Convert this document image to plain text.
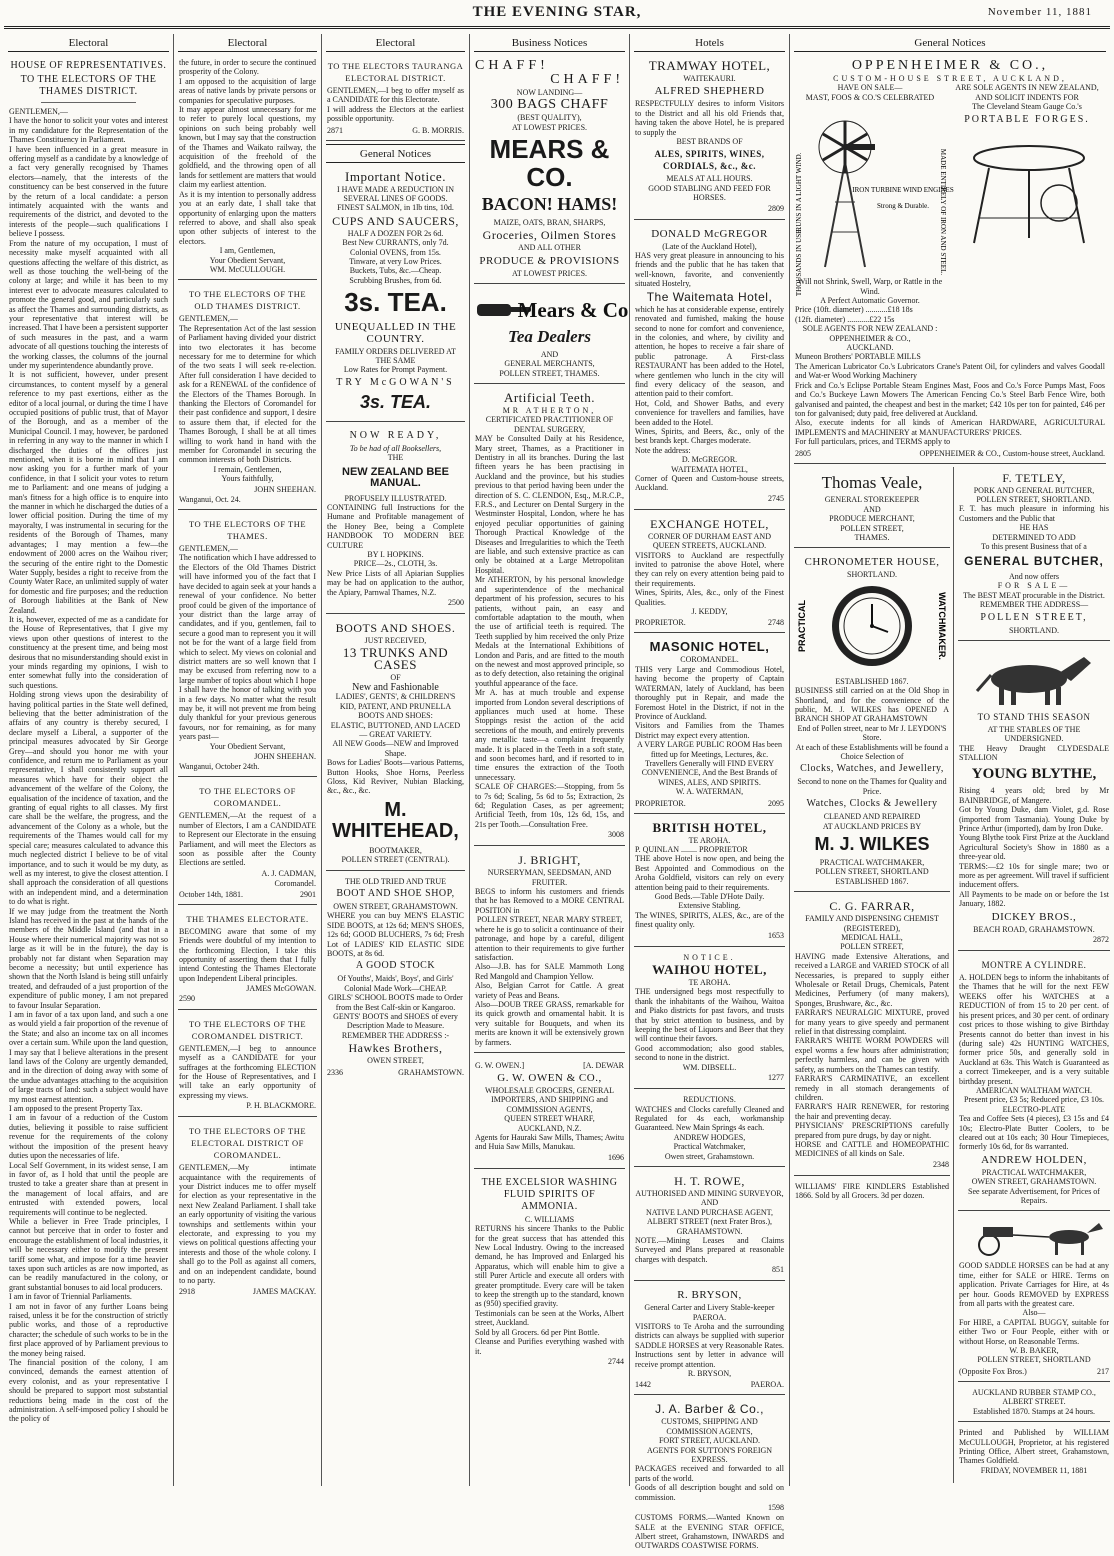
THE EVENING STAR,	November 11, 1881
Electoral
HOUSE OF REPRESENTATIVES.
TO THE ELECTORS OF THE THAMES DISTRICT.

GENTLEMEN,—

I have the honor to solicit your votes and interest in my candidature for the Representation of the Thames Constituency in Parliament.

I have been influenced in a great measure in offering myself as a candidate by a knowledge of a fact very generally recognised by Thames electors—namely, that the interests of the constituency can be best conserved in the future by the return of a local candidate: a person intimately acquainted with the wants and requirements of the district, and devoted to the interests of the people—such qualifications I believe I possess.

From the nature of my occupation, I must of necessity make myself acquainted with all questions affecting the welfare of this district, as well as those touching the well-being of the colony at large; and while it has been to my interest ever to advocate measures calculated to promote the general good, and particularly such as affect the Thames and surrounding districts, as your representative that interest will be increased. That I have been a persistent supporter of such measures in the past, and a warm advocate of all questions touching the interests of the working classes, the columns of the journal under my superintendence abundantly prove.

It is not sufficient, however, under present circumstances, to content myself by a general reference to my past exertions, either as the editor of a local journal, or during the time I have occupied positions of public trust, that of Mayor of the Borough, and as a member of the Municipal Council. I may, however, be pardoned in referring in any way to the manner in which I discharged the duties of the offices just mentioned, when it is borne in mind that I am now asking you for a further mark of your confidence, in that I solicit your votes to return me to Parliament: and one means of judging a man's fitness for a high office is to enquire into the manner in which he discharged the duties of a lower official position. During the time of my mayoralty, I was instrumental in securing for the residents of the Borough of Thames, many advantages; I may mention a few—the endowment of 2000 acres on the Waihou river; the securing of the entire right to the Domestic Water Supply, besides a right to receive from the County Water Race, an unlimited supply of water for domestic and fire purposes; and the reduction of Borough liabilities at the Bank of New Zealand.

It is, however, expected of me as a candidate for the House of Representatives, that I give my views upon other questions of interest to the constituency at the present time, and being most desirous that no misunderstanding should exist in your minds regarding my opinions, I wish to enter somewhat fully into the consideration of such questions.

Holding strong views upon the desirability of having political parties in the State well defined, believing that the better administration of the affairs of any country is thereby secured, I declare myself a Liberal, a supporter of the principal measures advocated by Sir George Grey—and should you honor me with your confidence, and return me to Parliament as your representative, I shall consistently support all measures which have for their object the advancement of the welfare of the Colony, the equalisation of the incidence of taxation, and the granting of equal rights to all classes. My first care shall be the welfare, the progress, and the advancement of the Colony as a whole, but the requirements of the Thames would call for my special care; measures calculated to advance this much neglected district I believe to be of vital importance, and to such it would be my duty, as well as my interest, to give the closest attention. I shall approach the consideration of all questions with an independent mind, and a determination to do what is right.

If we may judge from the treatment the North Island has received in the past at the hands of the members of the Middle Island (and that in a House where their numerical majority was not so large as it will be in the future), the day is probably not far distant when Separation may become a necessity; but until experience has shown that the North Island is being still unfairly treated, and defrauded of a just proportion of the expenditure of public money, I am not prepared to favour Insular Separation.

I am in favor of a tax upon land, and such a one as would yield a fair proportion of the revenue of the State; and also an income tax on all incomes over a certain sum. While upon the land question, I may say that I believe alterations in the present land laws of the Colony are urgently demanded, and in the direction of doing away with some of the undue advantages attaching to the acquisition of large tracts of land: such a subject would have my most earnest attention.

I am opposed to the present Property Tax.

I am in favour of a reduction of the Custom duties, believing it possible to raise sufficient revenue for the requirements of the colony without the imposition of the present heavy duties upon the necessaries of life.

Local Self Government, in its widest sense, I am in favor of, as I hold that until the people are trusted to take a greater share than at present in the management of local affairs, and are entrusted with extended powers, local requirements will continue to be neglected.

While a believer in Free Trade principles, I cannot but perceive that in order to foster and encourage the establishment of local industries, it will be necessary either to modify the present tariff some what, and impose for a time heavier taxes upon such articles as are now imported, as can be readily manufactured in the colony, or grant substantial bonuses to aid local producers.

I am in favor of Triennial Parliaments.

I am not in favor of any further Loans being raised, unless it be for the construction of strictly public works, and those of a reproductive character; the schedule of such works to be in the first place approved of by Parliament previous to the money being raised.

The financial position of the colony, I am convinced, demands the earnest attention of every colonist, and as your representative I should be prepared to support most substantial reductions being made in the cost of the administration. A self-imposed policy I should be the policy of

Electoral

the future, in order to secure the continued prosperity of the Colony.

I am opposed to the acquisition of large areas of native lands by private persons or companies for speculative purposes.

It may appear almost unnecessary for me to refer to purely local questions, my opinions on such being probably well known, but I may say that the construction of the Thames and Waikato railway, the acquisition of the freehold of the goldfield, and the throwing open of all lands for settlement are matters that would claim my earliest attention.

As it is my intention to personally address you at an early date, I shall take that opportunity of enlarging upon the matters referred to above, and shall also speak upon other subjects of interest to the electors.

I am, Gentlemen,

Your Obedient Servant,

WM. McCULLOUGH.

TO THE ELECTORS OF THE OLD THAMES DISTRICT.

GENTLEMEN,—

The Representation Act of the last session of Parliament having divided your district into two electorates it has become necessary for me to determine for which of the two seats I will seek re-election. After full consideration I have decided to ask for a RENEWAL of the confidence of the Electors of the Thames Borough. In thanking the Electors of Coromandel for their past confidence and support, I desire to assure them that, if elected for the Thames Borough, I shall be at all times willing to work hand in hand with the member for Coromandel in securing the common interests of both Districts.

I remain, Gentlemen,

Yours faithfully,

JOHN SHEEHAN.

Wanganui, Oct. 24.

TO THE ELECTORS OF THE THAMES.

GENTLEMEN,—

The notification which I have addressed to the Electors of the Old Thames District will have informed you of the fact that I have decided to again seek at your hands a renewal of your confidence. No better proof could be given of the importance of your district than the large array of candidates, and if you, gentlemen, fail to secure a good man to represent you it will not be for the want of a large field from which to select. My views on colonial and district matters are so well known that I may be excused from referring now to a large number of topics about which I hope I shall have the honor of talking with you in a few days. No matter what the result may be, it will not prevent me from being duly thankful for your previous generous favours, nor for remaining, as for many years past—

Your Obedient Servant,

JOHN SHEEHAN.

Wanganui, October 24th.

TO THE ELECTORS OF COROMANDEL.

GENTLEMEN,—At the request of a number of Electors, I am a CANDIDATE to Represent our Electorate in the ensuing Parliament, and will meet the Electors as soon as possible after the County Elections are settled.

A. J. CADMAN,

Coromandel.

October 14th, 1881.	2901
THE THAMES ELECTORATE.

BECOMING aware that some of my Friends were doubtful of my intention to the forthcoming Election, I take this opportunity of asserting them that I fully intend Contesting the Thames Electorate upon Independent Liberal principles.

JAMES McGOWAN.

2590

TO THE ELECTORS OF THE COROMANDEL DISTRICT.

GENTLEMEN,—I beg to announce myself as a CANDIDATE for your suffrages at the forthcoming ELECTION for the House of Representatives, and I will take an early opportunity of expressing my views.

P. H. BLACKMORE.

TO THE ELECTORS OF THE ELECTORAL DISTRICT OF COROMANDEL.

GENTLEMEN,—My intimate acquaintance with the requirements of your District induces me to offer myself for election as your representative in the next New Zealand Parliament. I shall take an early opportunity of visiting the various townships and settlements within your electorate, and expressing to you my views on political questions affecting your interests and those of the whole colony. I shall go to the Poll as against all comers, and on an independent candidate, bound to no party.

2918	JAMES MACKAY.
Electoral
TO THE ELECTORS TAURANGA ELECTORAL DISTRICT.

GENTLEMEN,—I beg to offer myself as a CANDIDATE for this Electorate.

I will address the Electors at the earliest possible opportunity.

2871	G. B. MORRIS.
General Notices
Important Notice.

I HAVE MADE A REDUCTION IN SEVERAL LINES OF GOODS.

FINEST SALMON, in 1lb tins, 10d.

CUPS AND SAUCERS,

HALF A DOZEN FOR 2s 6d.

Best New CURRANTS, only 7d.

Colonial OVENS, from 15s.

Tinware, at very Low Prices.

Buckets, Tubs, &c.—Cheap.

Scrubbing Brushes, from 6d.

3s. TEA.
UNEQUALLED IN THE COUNTRY.

FAMILY ORDERS DELIVERED AT THE SAME

Low Rates for Prompt Payment.

TRY McGOWAN'S
3s. TEA.
NOW READY,

To be had of all Booksellers,

THE

NEW ZEALAND BEE MANUAL.

PROFUSELY ILLUSTRATED.

CONTAINING full Instructions for the Humane and Profitable management of the Honey Bee, being a Complete HANDBOOK TO MODERN BEE CULTURE

BY I. HOPKINS.

PRICE—2s., CLOTH, 3s.

New Price Lists of all Apiarian Supplies may be had on application to the author, the Apiary, Parnwal Thames, N.Z.

2500

BOOTS AND SHOES.

JUST RECEIVED,

13 TRUNKS AND CASES

OF

New and Fashionable

LADIES', GENTS', & CHILDREN'S KID, PATENT, AND PRUNELLA BOOTS AND SHOES:

ELASTIC, BUTTONED, AND LACED— GREAT VARIETY.

All NEW Goods—NEW and Improved Shape.

Bows for Ladies' Boots—various Patterns, Button Hooks, Shoe Horns, Peerless Gloss, Kid Reviver, Nubian Blacking, &c., &c., &c.

M. WHITEHEAD,

BOOTMAKER,

POLLEN STREET (CENTRAL).

THE OLD TRIED AND TRUE

BOOT AND SHOE SHOP,

OWEN STREET, GRAHAMSTOWN.

WHERE you can buy MEN'S ELASTIC SIDE BOOTS, at 12s 6d; MEN'S SHOES, 12s 6d; GOOD BLUCHERS, 7s 6d; Fresh Lot of LADIES' KID ELASTIC SIDE BOOTS, at 8s 6d.

A GOOD STOCK

Of Youths', Maids', Boys', and Girls' Colonial Made Work—CHEAP.

GIRLS' SCHOOL BOOTS made to Order from the Best Calf-skin or Kangaroo.

GENTS' BOOTS and SHOES of every Description Made to Measure.

REMEMBER THE ADDRESS :-

Hawkes Brothers,

OWEN STREET,

2336	GRAHAMSTOWN.
Business Notices
CHAFF!
CHAFF!

NOW LANDING—

300 BAGS CHAFF

(BEST QUALITY),

AT LOWEST PRICES.

MEARS & CO.
BACON! HAMS!

MAIZE, OATS, BRAN, SHARPS,

Groceries, Oilmen Stores

AND ALL OTHER

PRODUCE & PROVISIONS

AT LOWEST PRICES.

Mears & Co
Tea Dealers

AND

GENERAL MERCHANTS,

POLLEN STREET, THAMES.

Artificial Teeth.

MR ATHERTON,

CERTIFICATED PRACTITIONER OF DENTAL SURGERY,

MAY be Consulted Daily at his Residence, Mary street, Thames, as a Practitioner in Dentistry in all its branches. During the last fifteen years he has been practising in Auckland and the province, but his studies previous to that period having been under the direction of S. C. CLENDON, Esq., M.R.C.P., F.R.S., and Lecturer on Dental Surgery in the Westminster Hospital, London, where he has enjoyed peculiar opportunities of gaining Thorough Practical Knowledge of the Diseases and Irregularities to which the Teeth are liable, and such extensive practice as can only be obtained at a Large Metropolitan Hospital.

Mr ATHERTON, by his personal knowledge and superintendence of the mechanical department of his profession, secures to his patients, without pain, an easy and comfortable adaptation to the mouth, when the use of artificial teeth is required. The Teeth supplied by him received the only Prize Medals at the International Exhibitions of London and Paris, and are fitted to the mouth on the newest and most approved principle, so as to defy detection, also retaining the original youthful appearance of the face.

Mr A. has at much trouble and expense imported from London several descriptions of appliances much used at home. These Stoppings resist the action of the acid secretions of the mouth, and entirely prevents any metallic taste—a complaint frequently made. It is placed in the Teeth in a soft state, and soon becomes hard, and if resorted to in time ensures the extraction of the Tooth unnecessary.

SCALE OF CHARGES:—Stopping, from 5s to 7s 6d; Scaling, 5s 6d to 5s; Extraction, 2s 6d; Regulation Cases, as per agreement; Artificial Teeth, from 10s, 12s 6d, 15s, and 21s per Tooth.—Consultation Free.

3008

J. BRIGHT,

NURSERYMAN, SEEDSMAN, AND FRUITER.

BEGS to inform his customers and friends that he has Removed to a MORE CENTRAL POSITION in

POLLEN STREET, NEAR MARY STREET,

where he is go to solicit a continuance of their patronage, and hope by a careful, diligent attention to their requirements to give further satisfaction.

Also—J.B. has for SALE Mammoth Long Red Mangold and Champion Yellow.

Also, Belgian Carrot for Cattle. A great variety of Peas and Beans.

Also—DOUB TREE GRASS, remarkable for its quick growth and ornamental habit. It is very suitable for Bouquets, and when its merits are known it will be extensively grown by farmers.

G. W. OWEN.]	[A. DEWAR
G. W. OWEN & CO.,

WHOLESALE GROCERS, GENERAL IMPORTERS, AND SHIPPING and COMMISSION AGENTS,

QUEEN STREET WHARF,

AUCKLAND, N.Z.

Agents for Hauraki Saw Mills, Thames; Awitu and Huia Saw Mills, Manukau.

1696

THE EXCELSIOR WASHING FLUID SPIRITS OF AMMONIA.

C. WILLIAMS

RETURNS his sincere Thanks to the Public for the great success that has attended this New Local Industry. Owing to the increased demand, he has Improved and Enlarged his Apparatus, which will enable him to give a still Purer Article and execute all orders with greater promptitude. Every care will be taken to keep the strength up to the standard, known as (950) specified gravity.

Testimonials can be seen at the Works, Albert street, Auckland.

Sold by all Grocers. 6d per Pint Bottle.

Cleanse and Purifies everything washed with it.

2744

Hotels
TRAMWAY HOTEL,

WAITEKAURI.

ALFRED SHEPHERD

RESPECTFULLY desires to inform Visitors to the District and all his old Friends that, having taken the above Hotel, he is prepared to supply the

BEST BRANDS OF

ALES, SPIRITS, WINES, CORDIALS, &c., &c.

MEALS AT ALL HOURS.

GOOD STABLING AND FEED FOR HORSES.

2809

DONALD McGREGOR

(Late of the Auckland Hotel),

HAS very great pleasure in announcing to his friends and the public that he has taken that well-known, favorite, and conveniently situated Hostelry,

The Waitemata Hotel,

which he has at considerable expense, entirely renovated and furnished, making the house second to none for comfort and convenience, in the colonies, and where, by civility and attention, he hopes to receive a fair share of public patronage. A First-class RESTAURANT has been added to the Hotel, where gentlemen who lunch in the city will find every delicacy of the season, and attention paid to their comfort.

Hot, Cold, and Shower Baths, and every convenience for travellers and families, have been added to the Hotel.

Wines, Spirits, and Beers, &c., only of the best brands kept. Charges moderate.

Note the address:

D. McGREGOR.

WAITEMATA HOTEL,

Corner of Queen and Custom-house streets, Auckland.

2745

EXCHANGE HOTEL,

CORNER OF DURHAM EAST AND QUEEN STREETS, AUCKLAND.

VISITORS to Auckland are respectfully invited to patronise the above Hotel, where they can rely on every attention being paid to their requirements.

Wines, Spirits, Ales, &c., only of the Finest Qualities.

J. KEDDY,

PROPRIETOR.	2748
MASONIC HOTEL,

COROMANDEL.

THIS very Large and Commodious Hotel, having become the property of Captain WATERMAN, lately of Auckland, has been thoroughly put in Repair, and made the Foremost Hotel in the District, if not in the Province of Auckland.

Visitors and Families from the Thames District may expect every attention.

A VERY LARGE PUBLIC ROOM Has been fitted up for Meetings, Lectures, &c. Travellers Generally will FIND EVERY CONVENIENCE, And the Best Brands of

WINES, ALES, AND SPIRITS.

W. A. WATERMAN,

PROPRIETOR.	2095
BRITISH HOTEL,

TE AROHA.

P. QUINLAN ........ PROPRIETOR

THE above Hotel is now open, and being the Best Appointed and Commodious on the Aroha Goldfield, visitors can rely on every attention being paid to their requirements.

Good Beds.—Table D'Hote Daily.

Extensive Stabling.

The WINES, SPIRITS, ALES, &c., are of the finest quality only.

1653

NOTICE.

WAIHOU HOTEL,

TE AROHA.

THE undersigned begs most respectfully to thank the inhabitants of the Waihou, Waitoa and Piako districts for past favors, and trusts that by strict attention to business, and by keeping the best of Liquors and Beer that they will continue their favors.

Good accommodation; also good stables, second to none in the district.

WM. DIBSELL.

1277

REDUCTIONS.

WATCHES and Clocks carefully Cleaned and Regulated for 4s each, workmanship Guaranteed. New Main Springs 4s each.

ANDREW HODGES,

Practical Watchmaker,

Owen street, Grahamstown.

H. T. ROWE,

AUTHORISED AND MINING SURVEYOR, AND

NATIVE LAND PURCHASE AGENT,

ALBERT STREET (next Frater Bros.), GRAHAMSTOWN.

NOTE.—Mining Leases and Claims Surveyed and Plans prepared at reasonable charges with despatch.

851

R. BRYSON,

General Carter and Livery Stable-keeper PAEROA.

VISITORS to Te Aroha and the surrounding districts can always be supplied with superior SADDLE HORSES at very Reasonable Rates. Instructions sent by letter in advance will receive prompt attention.

R. BRYSON,

1442	PAEROA.
J. A. Barber & Co.,

CUSTOMS, SHIPPING AND COMMISSION AGENTS,

FORT STREET, AUCKLAND.

AGENTS FOR SUTTON'S FOREIGN EXPRESS.

PACKAGES received and forwarded to all parts of the world.

Goods of all description bought and sold on commission.

1598

CUSTOMS FORMS.—Wanted Known on SALE at the EVENING STAR OFFICE, Albert street, Grahamstown, INWARDS and OUTWARDS COASTWISE FORMS.

General Notices
OPPENHEIMER & CO.,

CUSTOM-HOUSE STREET, AUCKLAND,

HAVE ON SALE—

MAST, FOOS & CO.'S CELEBRATED

RUNS IN A LIGHT WIND.
THOUSANDS IN USE.	MADE ENTIRELY OF IRON AND STEEL.
IRON TURBINE WIND ENGINES
Strong & Durable.

Will not Shrink, Swell, Warp, or Rattle in the Wind.

A Perfect Automatic Governor.

Price (10ft. diameter) ...........£18 18s

(12ft. diameter) ...........£22 15s

SOLE AGENTS FOR NEW ZEALAND :

OPPENHEIMER & CO.,

AUCKLAND.

ARE SOLE AGENTS IN NEW ZEALAND, AND SOLICIT INDENTS FOR

The Cleveland Steam Gauge Co.'s

PORTABLE FORGES.

Muneon Brothers' PORTABLE MILLS

The American Lubricator Co.'s Lubricators Crane's Patent Oil, for cylinders and valves Goodall and Wat-er Wood Working Machinery

Frick and Co.'s Eclipse Portable Steam Engines Mast, Foos and Co.'s Force Pumps Mast, Foos and Co.'s Buckeye Lawn Mowers The American Fencing Co.'s Steel Barb Fence Wire, both galvanised and painted, the cheapest and best in the market; £42 10s per ton for painted, £46 per ton for galvanised; duty paid, free delivered at Auckland.

Also, execute indents for all kinds of American HARDWARE, AGRICULTURAL IMPLEMENTS and MACHINERY at MANUFACTURERS' PRICES.

For full particulars, prices, and TERMS apply to

2805	OPPENHEIMER & CO., Custom-house street, Auckland.
Thomas Veale,

GENERAL STOREKEEPER

AND

PRODUCE MERCHANT,

POLLEN STREET,

THAMES.

CHRONOMETER HOUSE,

SHORTLAND.

PRACTICAL	WATCHMAKER.

ESTABLISHED 1867.

BUSINESS still carried on at the Old Shop in Shortland, and for the convenience of the public, M. J. WILKES has OPENED A BRANCH SHOP AT GRAHAMSTOWN

End of Pollen street, near to Mr J. LEYDON'S Store.

At each of these Establishments will be found a Choice Selection of

Clocks, Watches, and Jewellery,

Second to none on the Thames for Quality and Price.

Watches, Clocks & Jewellery

CLEANED AND REPAIRED

AT AUCKLAND PRICES BY

M. J. WILKES

PRACTICAL WATCHMAKER,

POLLEN STREET, SHORTLAND

ESTABLISHED 1867.

C. G. FARRAR,

FAMILY AND DISPENSING CHEMIST (REGISTERED),

MEDICAL HALL,

POLLEN STREET,

HAVING made Extensive Alterations, and received a LARGE and VARIED STOCK of all Necessaries, is prepared to supply either Wholesale or Retail Drugs, Chemicals, Patent Medicines, Perfumery (of many makers), Sponges, Brushware, &c., &c.

FARRAR'S NEURALGIC MIXTURE, proved for many years to give speedy and permanent relief in that distressing complaint.

FARRAR'S WHITE WORM POWDERS will expel worms a few hours after administration; perfectly harmless, and can be given with safety, as numbers on the Thames can testify.

FARRAR'S CARMINATIVE, an excellent remedy in all stomach derangements of children.

FARRAR'S HAIR RENEWER, for restoring the hair and preventing decay.

PHYSICIANS' PRESCRIPTIONS carefully prepared from pure drugs, by day or night.

HORSE and CATTLE and HOMEOPATHIC MEDICINES of all kinds on Sale.

2348

WILLIAMS' FIRE KINDLERS Established 1866. Sold by all Grocers. 3d per dozen.

F. TETLEY,

PORK AND GENERAL BUTCHER,

POLLEN STREET, SHORTLAND.

F. T. has much pleasure in informing his Customers and the Public that

HE HAS

DETERMINED TO ADD

To this present Business that of a

GENERAL BUTCHER,

And now offers

FOR SALE—

The BEST MEAT procurable in the District.

REMEMBER THE ADDRESS—

POLLEN STREET,

SHORTLAND.

TO STAND THIS SEASON

AT THE STABLES OF THE UNDERSIGNED.

THE Heavy Draught CLYDESDALE STALLION

YOUNG BLYTHE,

Rising 4 years old; bred by Mr BAINBRIDGE, of Mangere.

Got by Young Duke, dam Violet, g.d. Rose (imported from Tasmania). Young Duke by Prince Arthur (imported), dam by Iron Duke.

Young Blythe took First Prize at the Auckland Agricultural Society's Show in 1880 as a three-year old.

TERMS:—£2 10s for single mare; two or more as per agreement. Will travel if sufficient inducement offers.

All Payments to be made on or before the 1st January, 1882.

DICKEY BROS.,

BEACH ROAD, GRAHAMSTOWN.

2872

MONTRE A CYLINDRE.

A. HOLDEN begs to inform the inhabitants of the Thames that he will for the next FEW WEEKS offer his WATCHES at a REDUCTION of from 15 to 20 per cent. of his present prices, and 30 per cent. of ordinary cost prices to those wishing to give Birthday Presents cannot do better than invest in his (during sale) 42s HUNTING WATCHES, former price 50s, and generally sold in Auckland at 63s. This Watch is Guaranteed as a correct Timekeeper, and is a very suitable birthday present.

AMERICAN WALTHAM WATCH.

Present price, £3 5s; Reduced price, £3 10s.

ELECTRO-PLATE

Tea and Coffee Sets (4 pieces), £3 15s and £4 10s; Electro-Plate Butter Coolers, to be cleared out at 10s each; 30 Hour Timepieces, formerly 10s 6d, for 8s warranted.

ANDREW HOLDEN,

PRACTICAL WATCHMAKER,

OWEN STREET, GRAHAMSTOWN.

See separate Advertisement, for Prices of Repairs.

GOOD SADDLE HORSES can be had at any time, either for SALE or HIRE. Terms on application. Private Carriages for Hire, at 4s per hour. Goods REMOVED by EXPRESS from all parts with the greatest care.

Also—

For HIRE, a CAPITAL BUGGY, suitable for either Two or Four People, either with or without Horse, on Reasonable Terms.

W. B. BAKER,

POLLEN STREET, SHORTLAND

(Opposite Fox Bros.)	217

AUCKLAND RUBBER STAMP CO.,

ALBERT STREET.

Established 1870. Stamps at 24 hours.

Printed and Published by WILLIAM McCULLOUGH, Proprietor, at his registered Printing Office, Albert street, Grahamstown, Thames Goldfield.

FRIDAY, NOVEMBER 11, 1881
